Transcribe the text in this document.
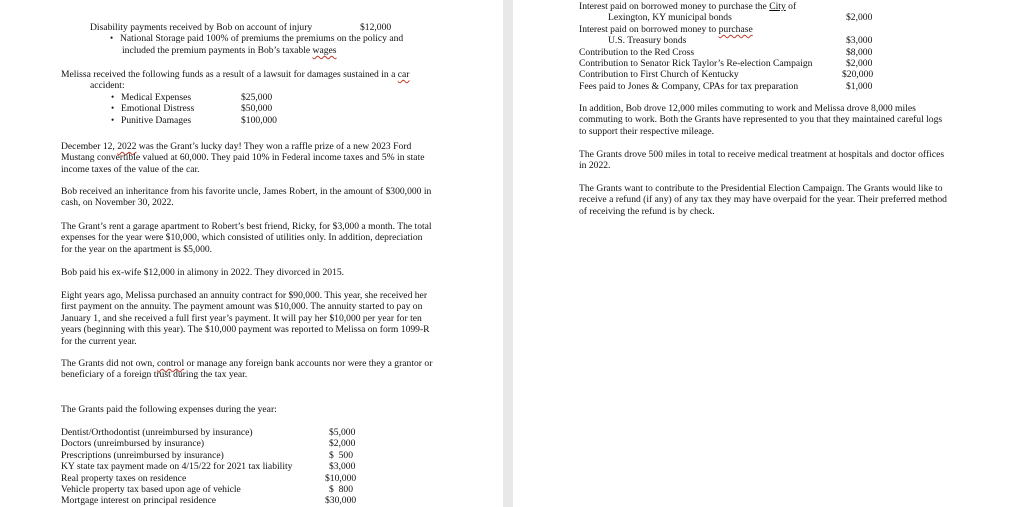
Disability payments received by Bob on account of injury	$12,000
• National Storage paid 100% of premiums the premiums on the policy and
included the premium payments in Bob’s taxable wages
Melissa received the following funds as a result of a lawsuit for damages sustained in a car
accident:
• Medical Expenses	$25,000
• Emotional Distress	$50,000
• Punitive Damages	$100,000
December 12, 2022 was the Grant’s lucky day! They won a raffle prize of a new 2023 Ford
Mustang convertible valued at 60,000. They paid 10% in Federal income taxes and 5% in state
income taxes of the value of the car.
Bob received an inheritance from his favorite uncle, James Robert, in the amount of $300,000 in
cash, on November 30, 2022.
The Grant’s rent a garage apartment to Robert’s best friend, Ricky, for $3,000 a month. The total
expenses for the year were $10,000, which consisted of utilities only. In addition, depreciation
for the year on the apartment is $5,000.
Bob paid his ex-wife $12,000 in alimony in 2022. They divorced in 2015.
Eight years ago, Melissa purchased an annuity contract for $90,000. This year, she received her
first payment on the annuity. The payment amount was $10,000. The annuity started to pay on
January 1, and she received a full first year’s payment. It will pay her $10,000 per year for ten
years (beginning with this year). The $10,000 payment was reported to Melissa on form 1099-R
for the current year.
The Grants did not own, control or manage any foreign bank accounts nor were they a grantor or
beneficiary of a foreign trust during the tax year.
The Grants paid the following expenses during the year:
Dentist/Orthodontist (unreimbursed by insurance)	$5,000
Doctors (unreimbursed by insurance)	$2,000
Prescriptions (unreimbursed by insurance)	$  500
KY state tax payment made on 4/15/22 for 2021 tax liability	$3,000
Real property taxes on residence	$10,000
Vehicle property tax based upon age of vehicle	$  800
Mortgage interest on principal residence	$30,000
Interest paid on borrowed money to purchase the City of
Lexington, KY municipal bonds	$2,000
Interest paid on borrowed money to purchase
U.S. Treasury bonds	$3,000
Contribution to the Red Cross	$8,000
Contribution to Senator Rick Taylor’s Re-election Campaign	$2,000
Contribution to First Church of Kentucky	$20,000
Fees paid to Jones & Company, CPAs for tax preparation	$1,000
In addition, Bob drove 12,000 miles commuting to work and Melissa drove 8,000 miles
commuting to work. Both the Grants have represented to you that they maintained careful logs
to support their respective mileage.
The Grants drove 500 miles in total to receive medical treatment at hospitals and doctor offices
in 2022.
The Grants want to contribute to the Presidential Election Campaign. The Grants would like to
receive a refund (if any) of any tax they may have overpaid for the year. Their preferred method
of receiving the refund is by check.
